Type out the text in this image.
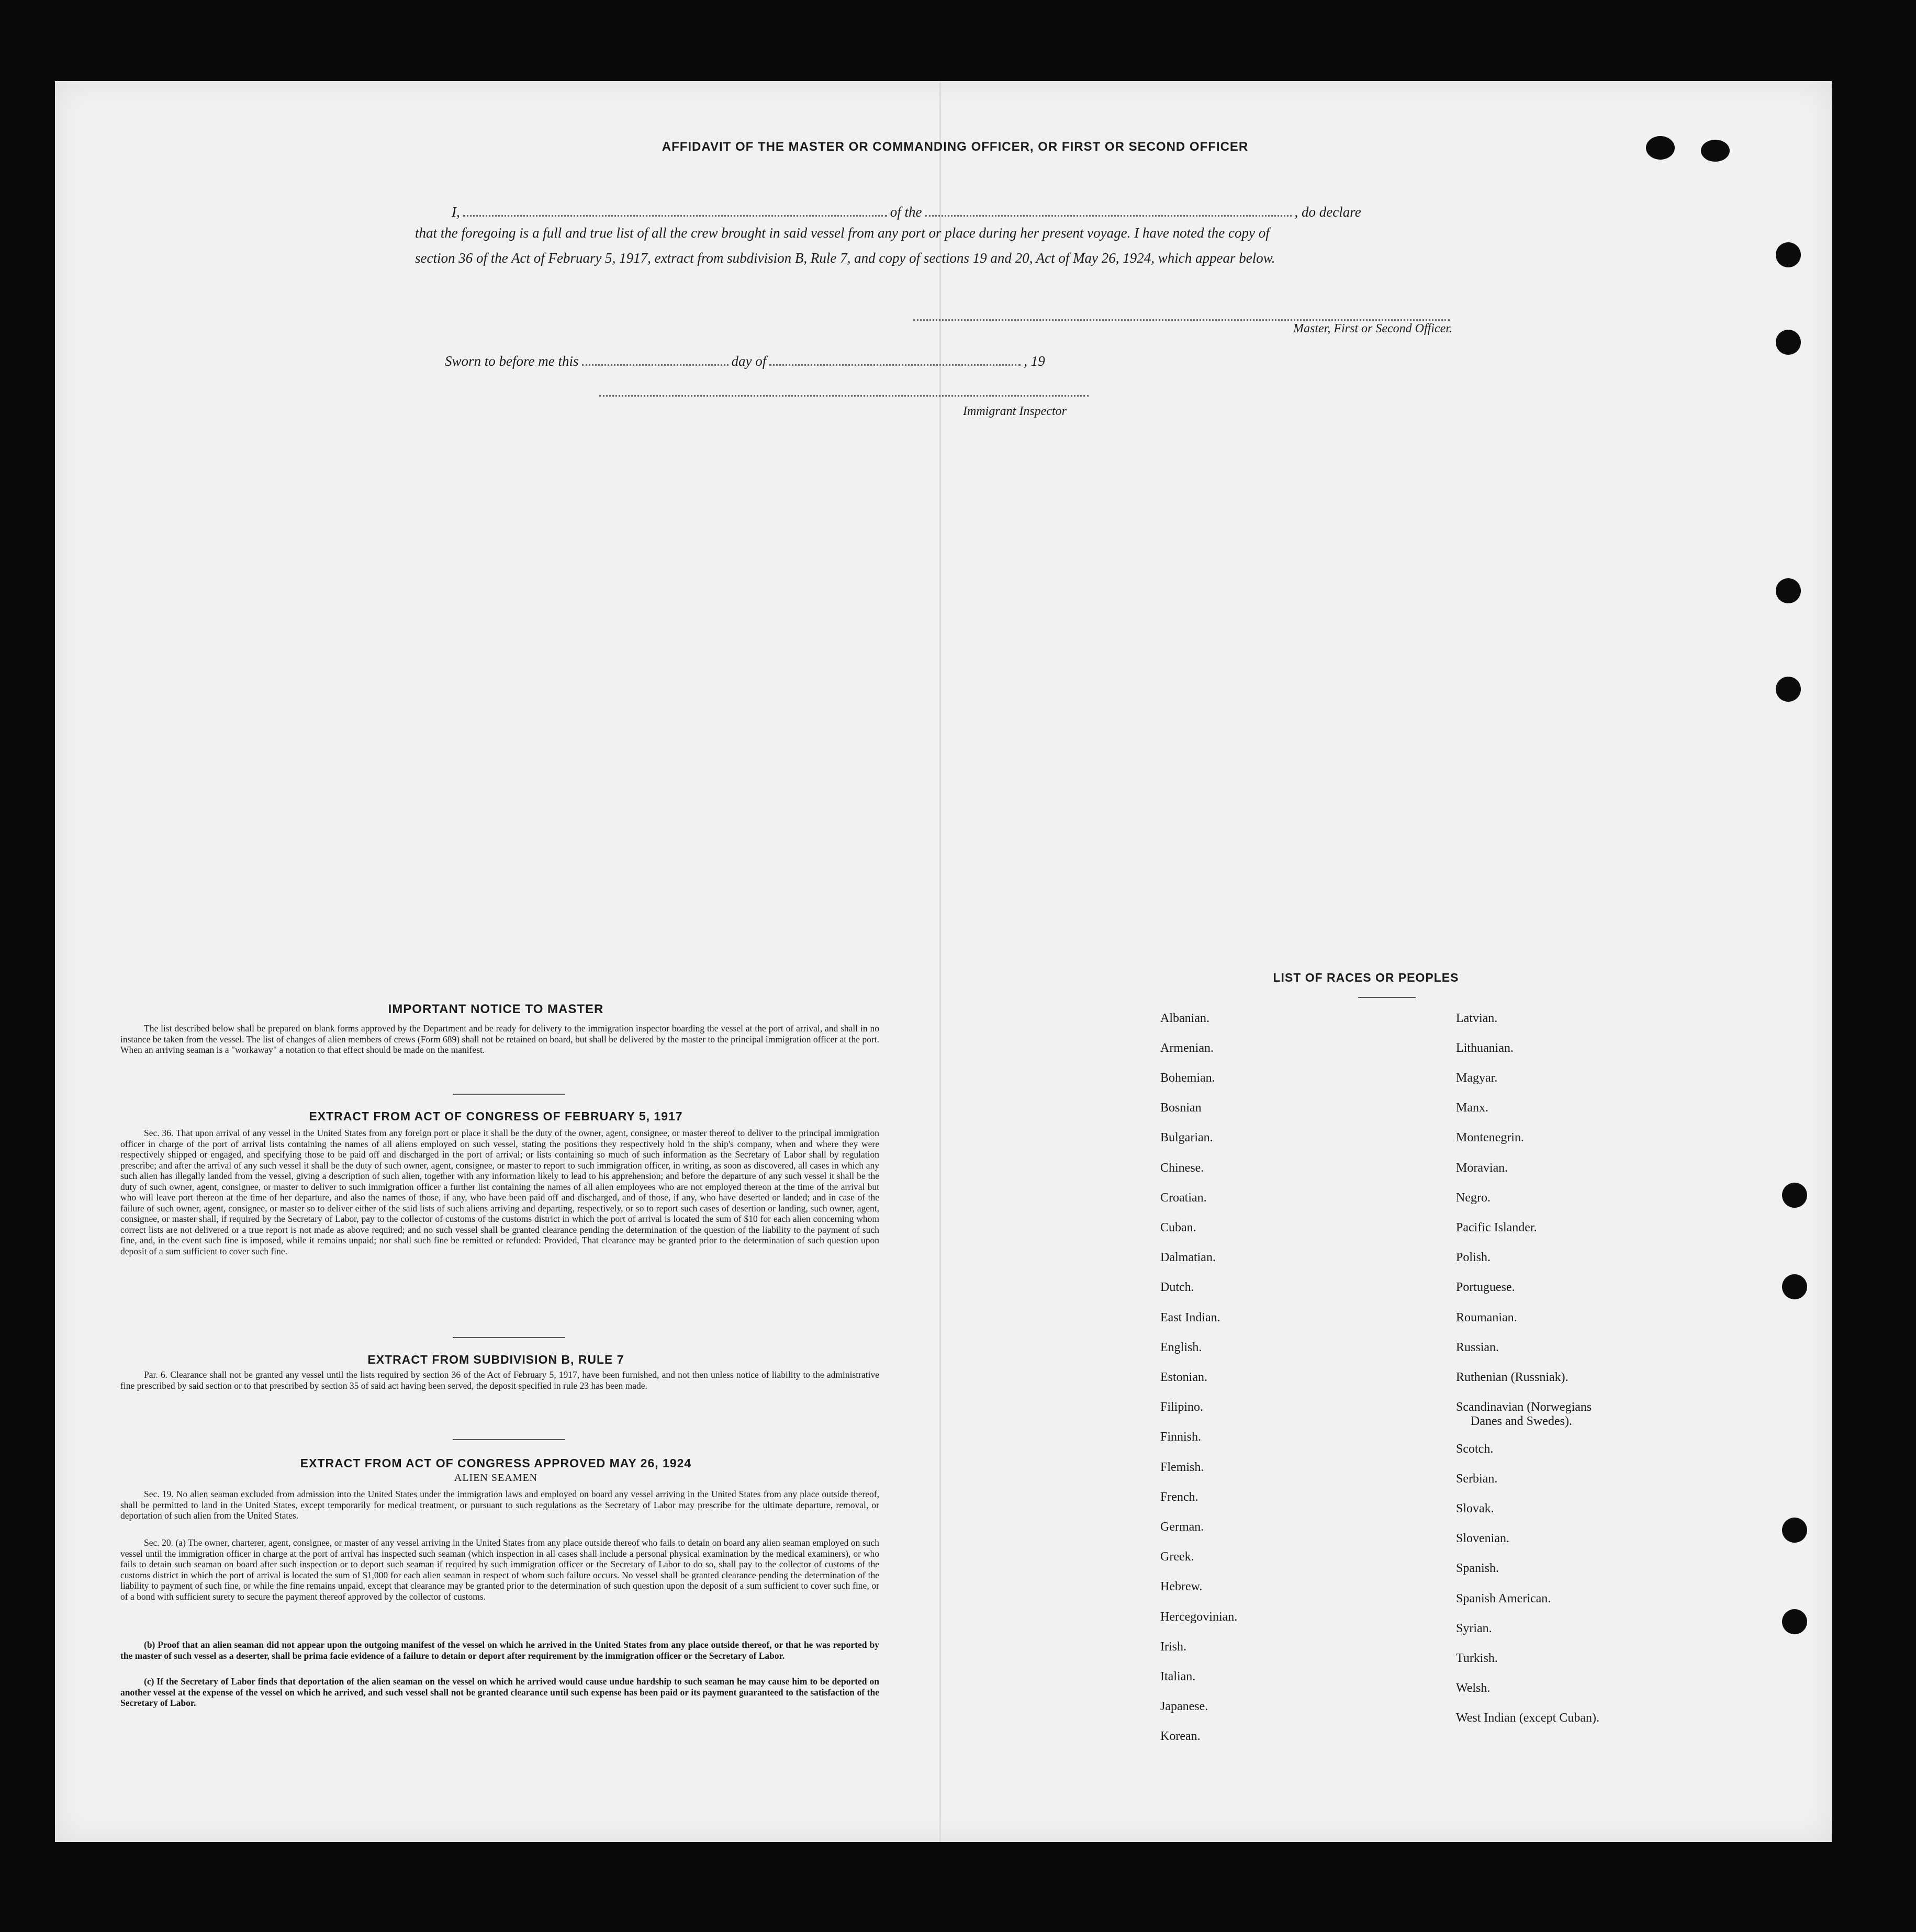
AFFIDAVIT OF THE MASTER OR COMMANDING OFFICER, OR FIRST OR SECOND OFFICER
I,	of the	, do declare
that the foregoing is a full and true list of all the crew brought in said vessel from any port or place during her present voyage. I have noted the copy of
section 36 of the Act of February 5, 1917, extract from subdivision B, Rule 7, and copy of sections 19 and 20, Act of May 26, 1924, which appear below.
Master, First or Second Officer.
Sworn to before me this	day of	, 19
Immigrant Inspector
IMPORTANT NOTICE TO MASTER
The list described below shall be prepared on blank forms approved by the Department and be ready for delivery to the immigration inspector boarding the vessel at the port of arrival, and shall in no instance be taken from the vessel. The list of changes of alien members of crews (Form 689) shall not be retained on board, but shall be delivered by the master to the principal immigration officer at the port. When an arriving seaman is a "workaway" a notation to that effect should be made on the manifest.
EXTRACT FROM ACT OF CONGRESS OF FEBRUARY 5, 1917
Sec. 36. That upon arrival of any vessel in the United States from any foreign port or place it shall be the duty of the owner, agent, consignee, or master thereof to deliver to the principal immigration officer in charge of the port of arrival lists containing the names of all aliens employed on such vessel, stating the positions they respectively hold in the ship's company, when and where they were respectively shipped or engaged, and specifying those to be paid off and discharged in the port of arrival; or lists containing so much of such information as the Secretary of Labor shall by regulation prescribe; and after the arrival of any such vessel it shall be the duty of such owner, agent, consignee, or master to report to such immigration officer, in writing, as soon as discovered, all cases in which any such alien has illegally landed from the vessel, giving a description of such alien, together with any information likely to lead to his apprehension; and before the departure of any such vessel it shall be the duty of such owner, agent, consignee, or master to deliver to such immigration officer a further list containing the names of all alien employees who are not employed thereon at the time of the arrival but who will leave port thereon at the time of her departure, and also the names of those, if any, who have been paid off and discharged, and of those, if any, who have deserted or landed; and in case of the failure of such owner, agent, consignee, or master so to deliver either of the said lists of such aliens arriving and departing, respectively, or so to report such cases of desertion or landing, such owner, agent, consignee, or master shall, if required by the Secretary of Labor, pay to the collector of customs of the customs district in which the port of arrival is located the sum of $10 for each alien concerning whom correct lists are not delivered or a true report is not made as above required; and no such vessel shall be granted clearance pending the determination of the question of the liability to the payment of such fine, and, in the event such fine is imposed, while it remains unpaid; nor shall such fine be remitted or refunded: Provided, That clearance may be granted prior to the determination of such question upon deposit of a sum sufficient to cover such fine.
EXTRACT FROM SUBDIVISION B, RULE 7
Par. 6. Clearance shall not be granted any vessel until the lists required by section 36 of the Act of February 5, 1917, have been furnished, and not then unless notice of liability to the administrative fine prescribed by said section or to that prescribed by section 35 of said act having been served, the deposit specified in rule 23 has been made.
EXTRACT FROM ACT OF CONGRESS APPROVED MAY 26, 1924
ALIEN SEAMEN
Sec. 19. No alien seaman excluded from admission into the United States under the immigration laws and employed on board any vessel arriving in the United States from any place outside thereof, shall be permitted to land in the United States, except temporarily for medical treatment, or pursuant to such regulations as the Secretary of Labor may prescribe for the ultimate departure, removal, or deportation of such alien from the United States.
Sec. 20. (a) The owner, charterer, agent, consignee, or master of any vessel arriving in the United States from any place outside thereof who fails to detain on board any alien seaman employed on such vessel until the immigration officer in charge at the port of arrival has inspected such seaman (which inspection in all cases shall include a personal physical examination by the medical examiners), or who fails to detain such seaman on board after such inspection or to deport such seaman if required by such immigration officer or the Secretary of Labor to do so, shall pay to the collector of customs of the customs district in which the port of arrival is located the sum of $1,000 for each alien seaman in respect of whom such failure occurs. No vessel shall be granted clearance pending the determination of the liability to payment of such fine, or while the fine remains unpaid, except that clearance may be granted prior to the determination of such question upon the deposit of a sum sufficient to cover such fine, or of a bond with sufficient surety to secure the payment thereof approved by the collector of customs.
(b) Proof that an alien seaman did not appear upon the outgoing manifest of the vessel on which he arrived in the United States from any place outside thereof, or that he was reported by the master of such vessel as a deserter, shall be prima facie evidence of a failure to detain or deport after requirement by the immigration officer or the Secretary of Labor.
(c) If the Secretary of Labor finds that deportation of the alien seaman on the vessel on which he arrived would cause undue hardship to such seaman he may cause him to be deported on another vessel at the expense of the vessel on which he arrived, and such vessel shall not be granted clearance until such expense has been paid or its payment guaranteed to the satisfaction of the Secretary of Labor.
LIST OF RACES OR PEOPLES
Albanian.
Armenian.
Bohemian.
Bosnian
Bulgarian.
Chinese.
Croatian.
Cuban.
Dalmatian.
Dutch.
East Indian.
English.
Estonian.
Filipino.
Finnish.
Flemish.
French.
German.
Greek.
Hebrew.
Hercegovinian.
Irish.
Italian.
Japanese.
Korean.
Latvian.
Lithuanian.
Magyar.
Manx.
Montenegrin.
Moravian.
Negro.
Pacific Islander.
Polish.
Portuguese.
Roumanian.
Russian.
Ruthenian (Russniak).
Scandinavian (Norwegians
Danes and Swedes).
Scotch.
Serbian.
Slovak.
Slovenian.
Spanish.
Spanish American.
Syrian.
Turkish.
Welsh.
West Indian (except Cuban).
